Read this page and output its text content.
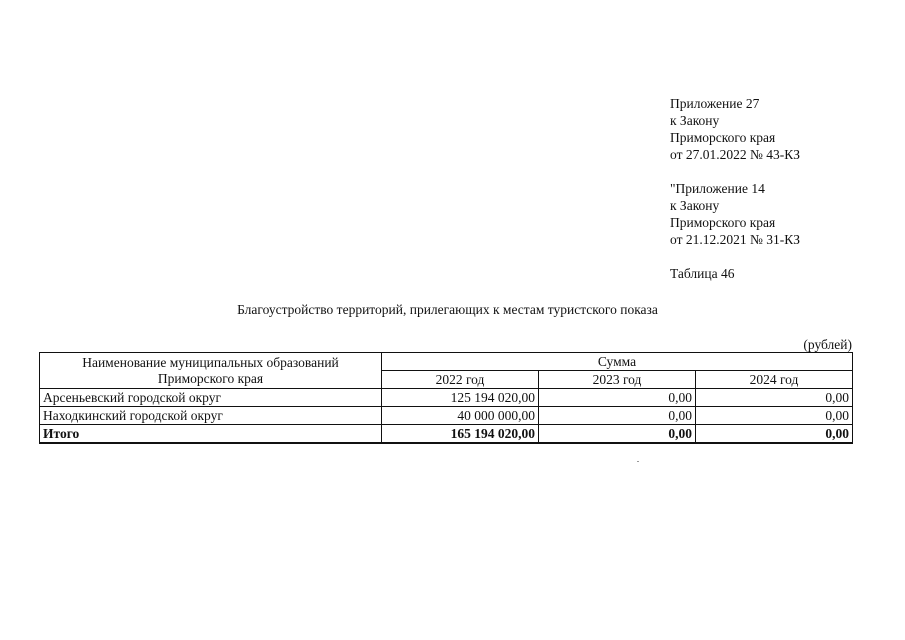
Приложение 27
к Закону
Приморского края
от 27.01.2022 № 43-КЗ
"Приложение 14
к Закону
Приморского края
от 21.12.2021 № 31-КЗ
Таблица 46
Благоустройство территорий, прилегающих к местам туристского показа
(рублей)
Наименование муниципальных образований Приморского края	Сумма		
	2022 год	2023 год	2024 год
Арсеньевский городской округ	125 194 020,00	0,00	0,00
Находкинский городской округ	40 000 000,00	0,00	0,00
Итого	165 194 020,00	0,00	0,00
